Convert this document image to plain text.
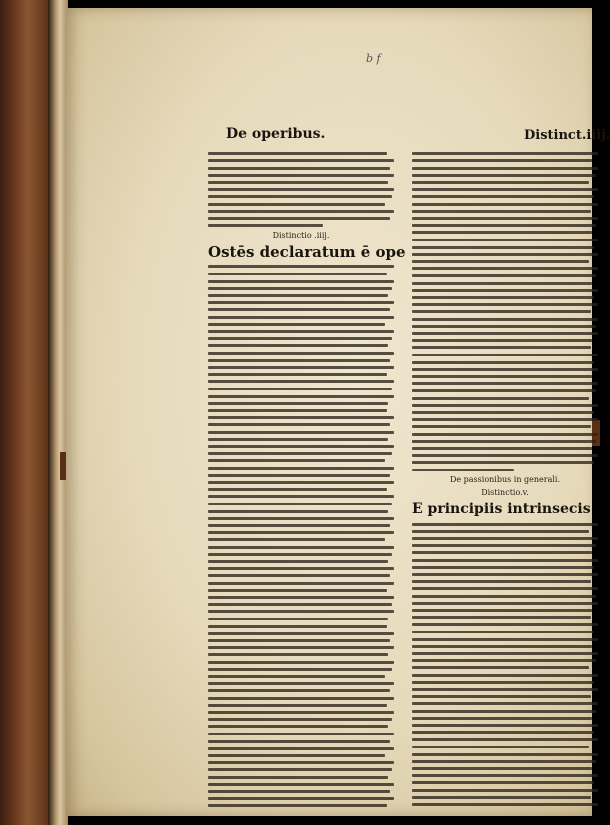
b f
De operibus.	Distinct.iiij.
Distinctio .iiij.
Ostēs declaratum ē ope
De passionibus in generali.
Distinctio.v.
E principiis intrinsecis
